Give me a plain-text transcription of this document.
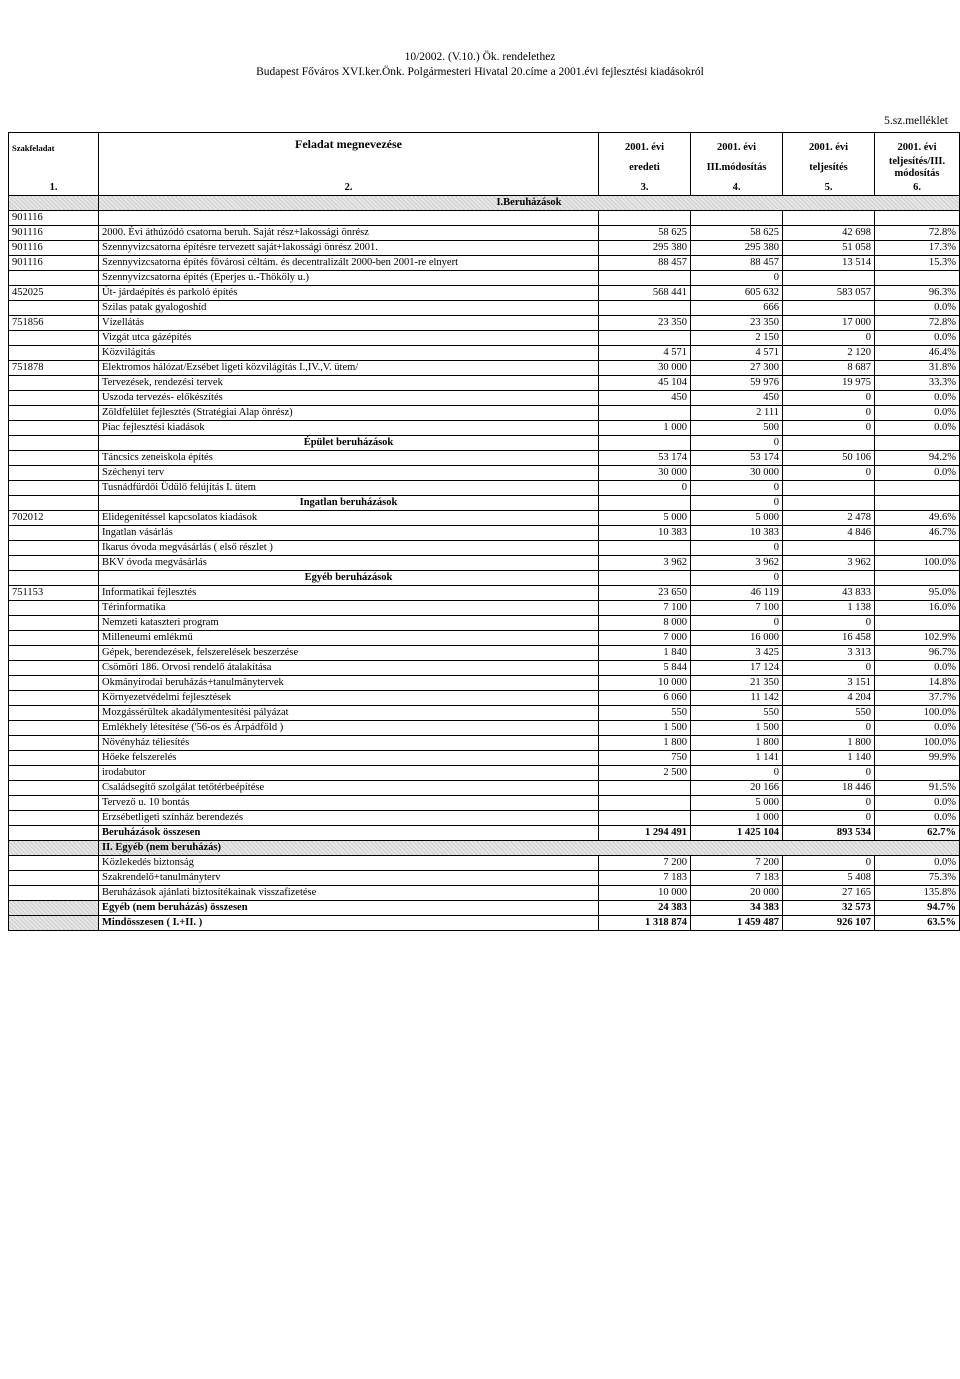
10/2002. (V.10.) Ök. rendelethez
Budapest Főváros XVI.ker.Önk. Polgármesteri Hivatal 20.címe a 2001.évi fejlesztési kiadásokról
5.sz.melléklet
Szakfeladat	Feladat megnevezése	2001. évi	2001. évi	2001. évi	2001. évi
		eredeti	III.módosítás	teljesítés	teljesítés/III.
módosítás

1.	2.	3.	4.	5.	6.
	I.Beruházások				
901116					
901116	2000. Évi áthúzódó csatorna beruh. Saját rész+lakossági önrész	58 625	58 625	42 698	72.8%
901116	Szennyvizcsatorna építésre tervezett saját+lakossági önrész 2001.	295 380	295 380	51 058	17.3%
901116	Szennyvizcsatorna építés fővárosi céltám. és decentralizált 2000-ben 2001-re elnyert	88 457	88 457	13 514	15.3%
	Szennyvizcsatorna építés (Eperjes u.-Thököly u.)		0		
452025	Út- járdaépítés és parkoló építés	568 441	605 632	583 057	96.3%
	Szilas patak gyalogoshíd		666		0.0%
751856	Vízellátás	23 350	23 350	17 000	72.8%
	Vizgát utca gázépítés		2 150	0	0.0%
	Közvilágítás	4 571	4 571	2 120	46.4%
751878	Elektromos hálózat/Ezsébet ligeti közvilágítás I.,IV.,V. ütem/	30 000	27 300	8 687	31.8%
	Tervezések, rendezési tervek	45 104	59 976	19 975	33.3%
	Uszoda tervezés- előkészítés	450	450	0	0.0%
	Zöldfelület fejlesztés (Stratégiai Alap önrész)		2 111	0	0.0%
	Piac fejlesztési kiadások	1 000	500	0	0.0%
	Épület beruházások		0		
	Táncsics zeneiskola építés	53 174	53 174	50 106	94.2%
	Széchenyi terv	30 000	30 000	0	0.0%
	Tusnádfürdői Üdülő felújítás I. ütem	0	0		
	Ingatlan beruházások		0		
702012	Elidegenítéssel kapcsolatos kiadások	5 000	5 000	2 478	49.6%
	Ingatlan vásárlás	10 383	10 383	4 846	46.7%
	Ikarus óvoda megvásárlás ( első részlet )		0		
	BKV óvoda megvásárlás	3 962	3 962	3 962	100.0%
	Egyéb beruházások		0		
751153	Informatikai fejlesztés	23 650	46 119	43 833	95.0%
	Térinformatika	7 100	7 100	1 138	16.0%
	Nemzeti kataszteri program	8 000	0	0	
	Milleneumi emlékmű	7 000	16 000	16 458	102.9%
	Gépek, berendezések, felszerelések beszerzése	1 840	3 425	3 313	96.7%
	Csömöri 186. Orvosi rendelő átalakítása	5 844	17 124	0	0.0%
	Okmányirodai beruházás+tanulmánytervek	10 000	21 350	3 151	14.8%
	Környezetvédelmi fejlesztések	6 060	11 142	4 204	37.7%
	Mozgássérültek akadálymentesítési pályázat	550	550	550	100.0%
	Emlékhely létesítése ('56-os és Árpádföld )	1 500	1 500	0	0.0%
	Növényház téliesítés	1 800	1 800	1 800	100.0%
	Hőeke felszerelés	750	1 141	1 140	99.9%
	irodabutor	2 500	0	0	
	Családsegítő szolgálat tetőtérbeépítése		20 166	18 446	91.5%
	Tervező u. 10 bontás		5 000	0	0.0%
	Erzsébetligeti színház berendezés		1 000	0	0.0%
	Beruházások összesen	1 294 491	1 425 104	893 534	62.7%
	II. Egyéb (nem beruházás)				
	Közlekedés biztonság	7 200	7 200	0	0.0%
	Szakrendelő+tanulmányterv	7 183	7 183	5 408	75.3%
	Beruházások ajánlati biztosítékainak visszafizetése	10 000	20 000	27 165	135.8%
	Egyéb (nem beruházás) összesen	24 383	34 383	32 573	94.7%
	Mindösszesen ( I.+II. )	1 318 874	1 459 487	926 107	63.5%
